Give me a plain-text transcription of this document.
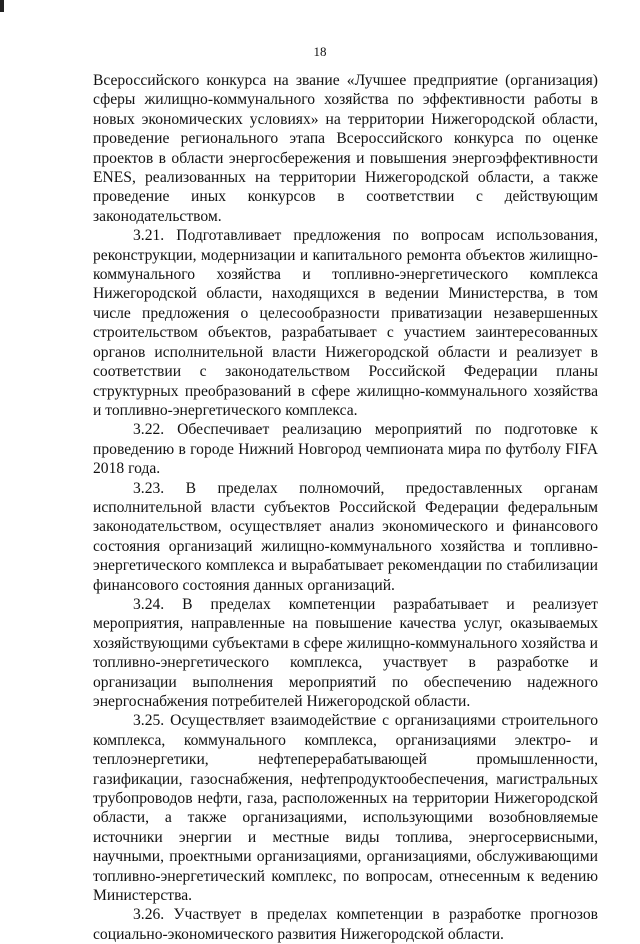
18

Всероссийского конкурса на звание «Лучшее предприятие (организация) сферы жилищно-коммунального хозяйства по эффективности работы в новых экономических условиях» на территории Нижегородской области, проведение регионального этапа Всероссийского конкурса по оценке проектов в области энергосбережения и повышения энергоэффективности ENES, реализованных на территории Нижегородской области, а также проведение иных конкурсов в соответствии с действующим законодательством.

3.21. Подготавливает предложения по вопросам использования, реконструкции, модернизации и капитального ремонта объектов жилищно-коммунального хозяйства и топливно-энергетического комплекса Нижегородской области, находящихся в ведении Министерства, в том числе предложения о целесообразности приватизации незавершенных строительством объектов, разрабатывает с участием заинтересованных органов исполнительной власти Нижегородской области и реализует в соответствии с законодательством Российской Федерации планы структурных преобразований в сфере жилищно-коммунального хозяйства и топливно-энергетического комплекса.

3.22. Обеспечивает реализацию мероприятий по подготовке к проведению в городе Нижний Новгород чемпионата мира по футболу FIFA 2018 года.

3.23. В пределах полномочий, предоставленных органам исполнительной власти субъектов Российской Федерации федеральным законодательством, осуществляет анализ экономического и финансового состояния организаций жилищно-коммунального хозяйства и топливно-энергетического комплекса и вырабатывает рекомендации по стабилизации финансового состояния данных организаций.

3.24. В пределах компетенции разрабатывает и реализует мероприятия, направленные на повышение качества услуг, оказываемых хозяйствующими субъектами в сфере жилищно-коммунального хозяйства и топливно-энергетического комплекса, участвует в разработке и организации выполнения мероприятий по обеспечению надежного энергоснабжения потребителей Нижегородской области.

3.25. Осуществляет взаимодействие с организациями строительного комплекса, коммунального комплекса, организациями электро- и теплоэнергетики, нефтеперерабатывающей промышленности, газификации, газоснабжения, нефтепродуктообеспечения, магистральных трубопроводов нефти, газа, расположенных на территории Нижегородской области, а также организациями, использующими возобновляемые источники энергии и местные виды топлива, энергосервисными, научными, проектными организациями, организациями, обслуживающими топливно-энергетический комплекс, по вопросам, отнесенным к ведению Министерства.

3.26. Участвует в пределах компетенции в разработке прогнозов социально-экономического развития Нижегородской области.
